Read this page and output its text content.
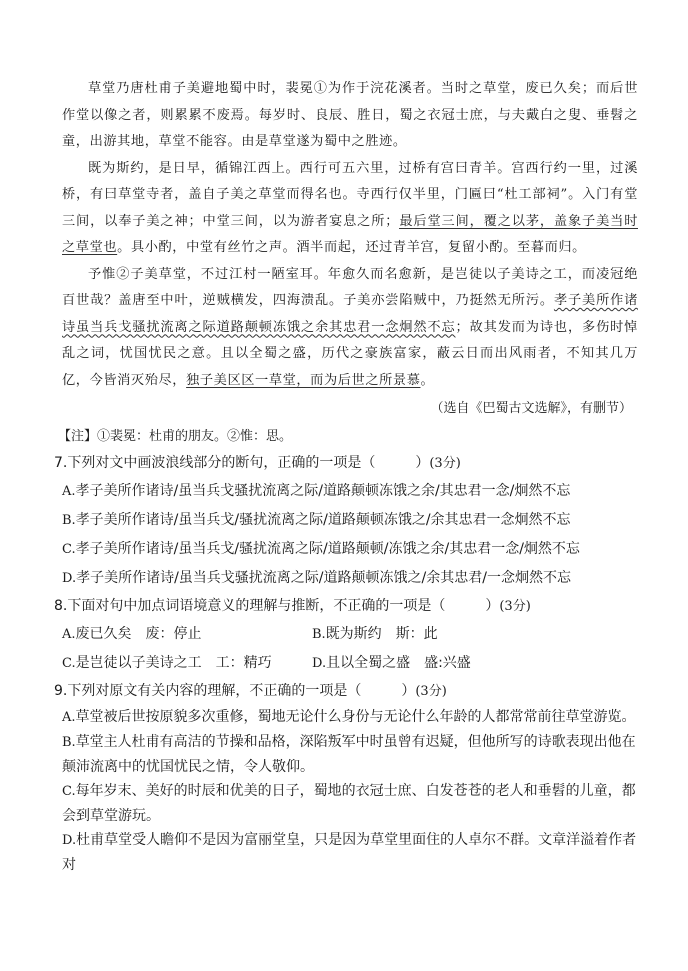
草堂乃唐杜甫子美避地蜀中时，裴冕①为作于浣花溪者。当时之草堂，废已久矣；而后世作堂以像之者，则累累不废焉。每岁时、良辰、胜日，蜀之衣冠士庶，与夫戴白之叟、垂髫之童，出游其地，草堂不能容。由是草堂遂为蜀中之胜迹。

既为斯约，是日早，循锦江西上。西行可五六里，过桥有宫曰青羊。宫西行约一里，过溪桥，有曰草堂寺者，盖自子美之草堂而得名也。寺西行仅半里，门匾曰“杜工部祠”。入门有堂三间，以奉子美之神；中堂三间，以为游者宴息之所；最后堂三间，覆之以茅，盖象子美当时之草堂也。具小酌，中堂有丝竹之声。酒半而起，还过青羊宫，复留小酌。至暮而归。

予惟②子美草堂，不过江村一陋室耳。年愈久而名愈新，是岂徒以子美诗之工，而凌冠绝百世哉？盖唐至中叶，逆贼横发，四海溃乱。子美亦尝陷贼中，乃挺然无所污。孝子美所作诸诗虽当兵戈骚扰流离之际道路颠顿冻饿之余其忠君一念炯然不忘；故其发而为诗也，多伤时悼乱之词，忧国忧民之意。且以全蜀之盛，历代之豪族富家，蔽云日而出风雨者，不知其几万亿，今皆消灭殆尽，独子美区区一草堂，而为后世之所景慕。

（选自《巴蜀古文选解》，有删节）
【注】①裴冕：杜甫的朋友。②惟：思。
7.下列对文中画波浪线部分的断句，正确的一项是（	）(3分)
A.孝子美所作诸诗/虽当兵戈骚扰流离之际/道路颠顿冻饿之余/其忠君一念/炯然不忘
B.孝子美所作诸诗/虽当兵戈/骚扰流离之际/道路颠顿冻饿之/余其忠君一念炯然不忘
C.孝子美所作诸诗/虽当兵戈/骚扰流离之际/道路颠顿/冻饿之余/其忠君一念/炯然不忘
D.孝子美所作诸诗/虽当兵戈骚扰流离之际/道路颠顿冻饿之/余其忠君/一念炯然不忘
8.下面对句中加点词语境意义的理解与推断，不正确的一项是（	）(3分)
A.废已久矣 废：停止	B.既为斯约 斯：此
C.是岂徒以子美诗之工 工：精巧	D.且以全蜀之盛 盛:兴盛
9.下列对原文有关内容的理解，不正确的一项是（	）(3分)
A.草堂被后世按原貌多次重修，蜀地无论什么身份与无论什么年龄的人都常常前往草堂游览。
B.草堂主人杜甫有高洁的节操和品格，深陷叛军中时虽曾有迟疑，但他所写的诗歌表现出他在颠沛流离中的忧国忧民之情，令人敬仰。
C.每年岁末、美好的时辰和优美的日子，蜀地的衣冠士庶、白发苍苍的老人和垂髫的儿童，都会到草堂游玩。
D.杜甫草堂受人瞻仰不是因为富丽堂皇，只是因为草堂里面住的人卓尔不群。文章洋溢着作者对
